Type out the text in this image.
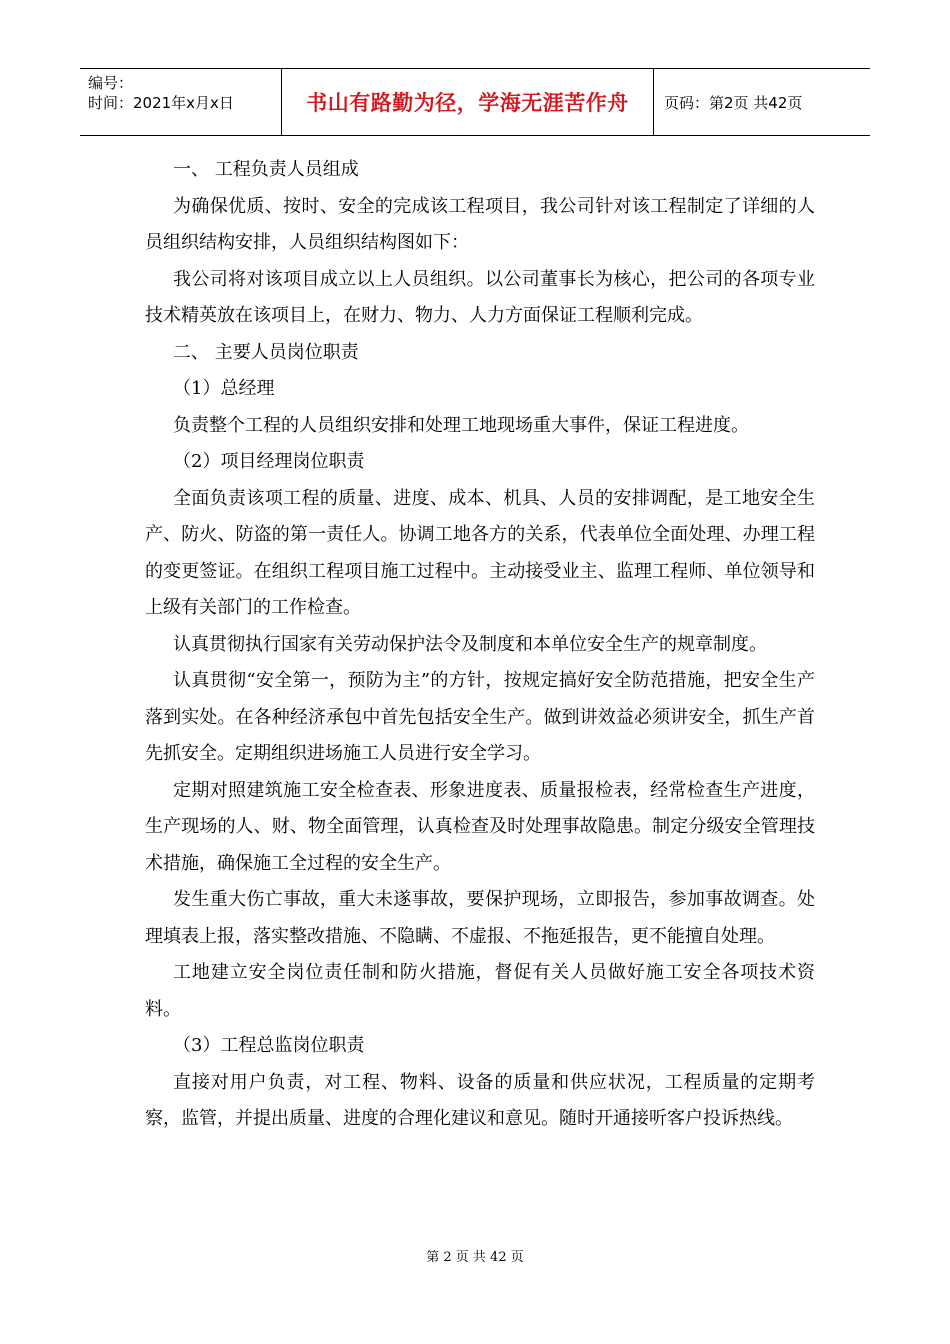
编号：
时间：2021年x月x日	书山有路勤为径，学海无涯苦作舟 页码：第2页 共42页

一、 工程负责人员组成

为确保优质、按时、安全的完成该工程项目，我公司针对该工程制定了详细的人员组织结构安排，人员组织结构图如下：

我公司将对该项目成立以上人员组织。以公司董事长为核心，把公司的各项专业技术精英放在该项目上，在财力、物力、人力方面保证工程顺利完成。

二、 主要人员岗位职责

（1）总经理

负责整个工程的人员组织安排和处理工地现场重大事件，保证工程进度。

（2）项目经理岗位职责

全面负责该项工程的质量、进度、成本、机具、人员的安排调配，是工地安全生产、防火、防盗的第一责任人。协调工地各方的关系，代表单位全面处理、办理工程的变更签证。在组织工程项目施工过程中。主动接受业主、监理工程师、单位领导和上级有关部门的工作检查。

认真贯彻执行国家有关劳动保护法令及制度和本单位安全生产的规章制度。

认真贯彻“安全第一，预防为主”的方针，按规定搞好安全防范措施，把安全生产落到实处。在各种经济承包中首先包括安全生产。做到讲效益必须讲安全，抓生产首先抓安全。定期组织进场施工人员进行安全学习。

定期对照建筑施工安全检查表、形象进度表、质量报检表，经常检查生产进度，生产现场的人、财、物全面管理，认真检查及时处理事故隐患。制定分级安全管理技术措施，确保施工全过程的安全生产。

发生重大伤亡事故，重大未遂事故，要保护现场，立即报告，参加事故调查。处理填表上报，落实整改措施、不隐瞒、不虚报、不拖延报告，更不能擅自处理。

工地建立安全岗位责任制和防火措施，督促有关人员做好施工安全各项技术资料。

（3）工程总监岗位职责

直接对用户负责，对工程、物料、设备的质量和供应状况，工程质量的定期考察，监管，并提出质量、进度的合理化建议和意见。随时开通接听客户投诉热线。

第 2 页 共 42 页
